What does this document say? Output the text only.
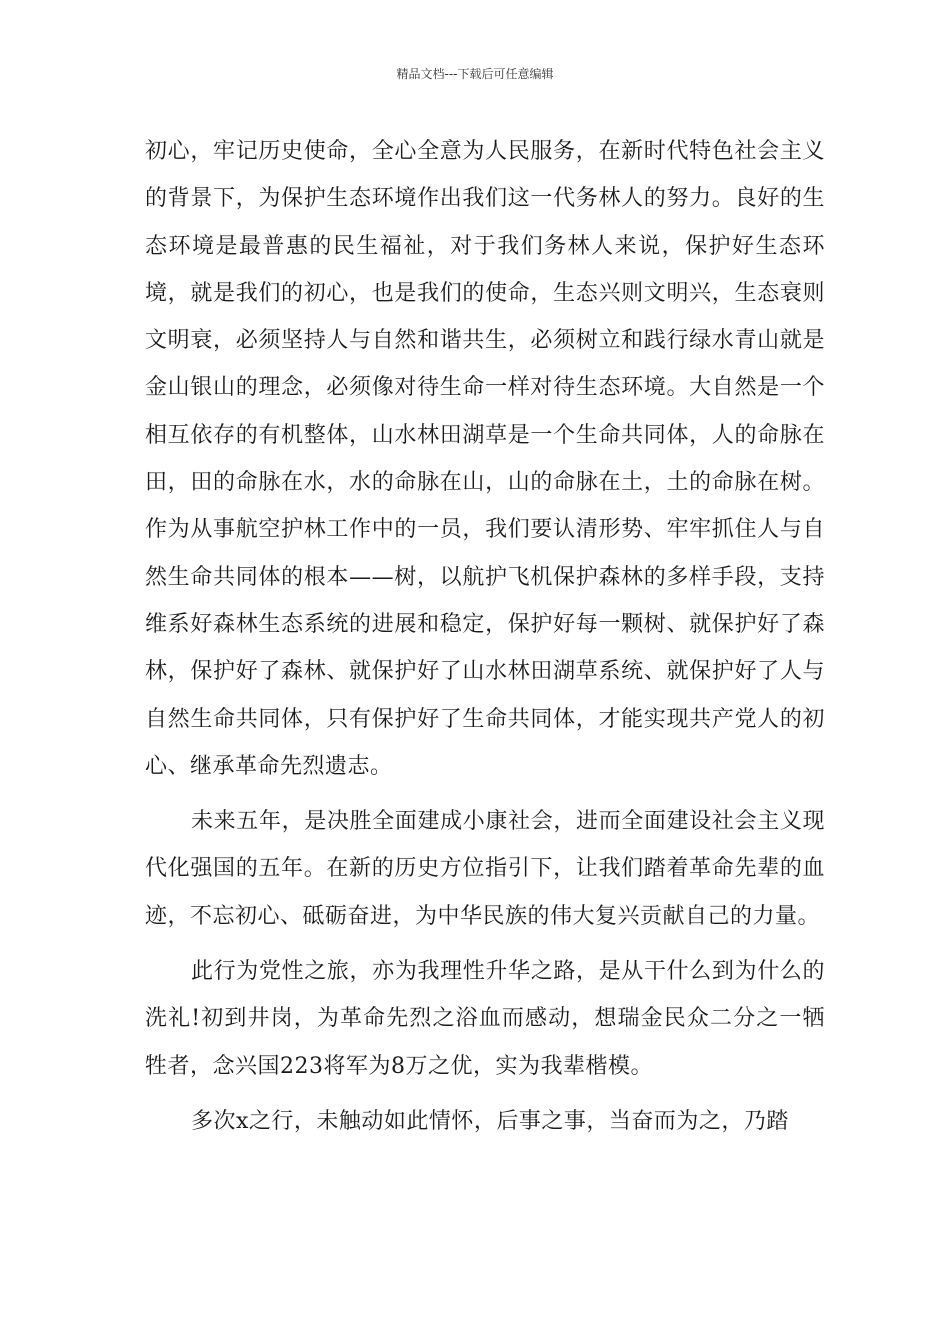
精品文档---下载后可任意编辑

初心，牢记历史使命，全心全意为人民服务，在新时代特色社会主义的背景下，为保护生态环境作出我们这一代务林人的努力。良好的生态环境是最普惠的民生福祉，对于我们务林人来说，保护好生态环境，就是我们的初心，也是我们的使命，生态兴则文明兴，生态衰则文明衰，必须坚持人与自然和谐共生，必须树立和践行绿水青山就是金山银山的理念，必须像对待生命一样对待生态环境。大自然是一个相互依存的有机整体，山水林田湖草是一个生命共同体，人的命脉在田，田的命脉在水，水的命脉在山，山的命脉在土，土的命脉在树。作为从事航空护林工作中的一员，我们要认清形势、牢牢抓住人与自然生命共同体的根本——树，以航护飞机保护森林的多样手段，支持维系好森林生态系统的进展和稳定，保护好每一颗树、就保护好了森林，保护好了森林、就保护好了山水林田湖草系统、就保护好了人与自然生命共同体，只有保护好了生命共同体，才能实现共产党人的初心、继承革命先烈遗志。

未来五年，是决胜全面建成小康社会，进而全面建设社会主义现代化强国的五年。在新的历史方位指引下，让我们踏着革命先辈的血迹，不忘初心、砥砺奋进，为中华民族的伟大复兴贡献自己的力量。

此行为党性之旅，亦为我理性升华之路，是从干什么到为什么的洗礼!初到井岗，为革命先烈之浴血而感动，想瑞金民众二分之一牺牲者，念兴国223将军为8万之优，实为我辈楷模。

多次x之行，未触动如此情怀，后事之事，当奋而为之，乃踏
